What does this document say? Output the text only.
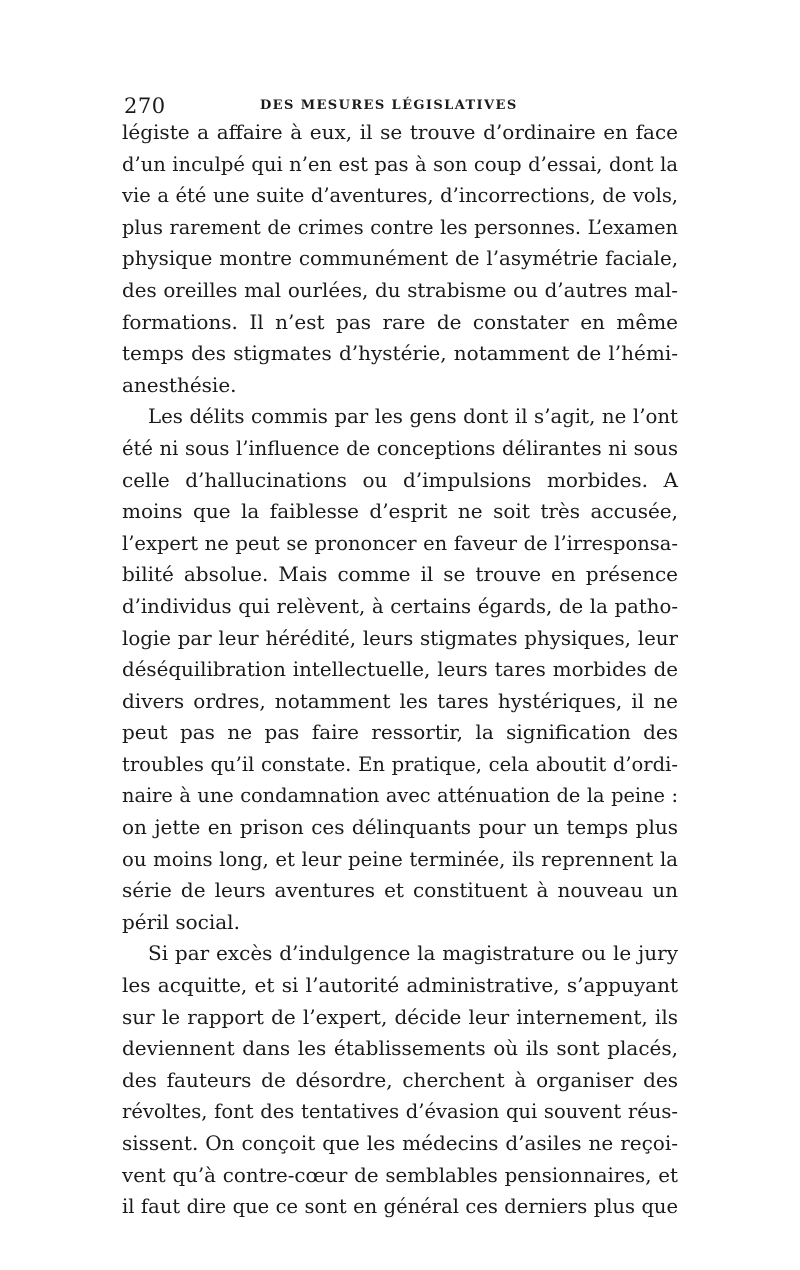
270	DES MESURES LÉGISLATIVES
légiste a affaire à eux, il se trouve d’ordinaire en face
d’un inculpé qui n’en est pas à son coup d’essai, dont la
vie a été une suite d’aventures, d’incorrections, de vols,
plus rarement de crimes contre les personnes. L’examen
physique montre communément de l’asymétrie faciale,
des oreilles mal ourlées, du strabisme ou d’autres mal-
formations. Il n’est pas rare de constater en même
temps des stigmates d’hystérie, notamment de l’hémi-
anesthésie.
Les délits commis par les gens dont il s’agit, ne l’ont
été ni sous l’influence de conceptions délirantes ni sous
celle d’hallucinations ou d’impulsions morbides. A
moins que la faiblesse d’esprit ne soit très accusée,
l’expert ne peut se prononcer en faveur de l’irresponsa-
bilité absolue. Mais comme il se trouve en présence
d’individus qui relèvent, à certains égards, de la patho-
logie par leur hérédité, leurs stigmates physiques, leur
déséquilibration intellectuelle, leurs tares morbides de
divers ordres, notamment les tares hystériques, il ne
peut pas ne pas faire ressortir, la signification des
troubles qu’il constate. En pratique, cela aboutit d’ordi-
naire à une condamnation avec atténuation de la peine :
on jette en prison ces délinquants pour un temps plus
ou moins long, et leur peine terminée, ils reprennent la
série de leurs aventures et constituent à nouveau un
péril social.
Si par excès d’indulgence la magistrature ou le jury
les acquitte, et si l’autorité administrative, s’appuyant
sur le rapport de l’expert, décide leur internement, ils
deviennent dans les établissements où ils sont placés,
des fauteurs de désordre, cherchent à organiser des
révoltes, font des tentatives d’évasion qui souvent réus-
sissent. On conçoit que les médecins d’asiles ne reçoi-
vent qu’à contre-cœur de semblables pensionnaires, et
il faut dire que ce sont en général ces derniers plus que
